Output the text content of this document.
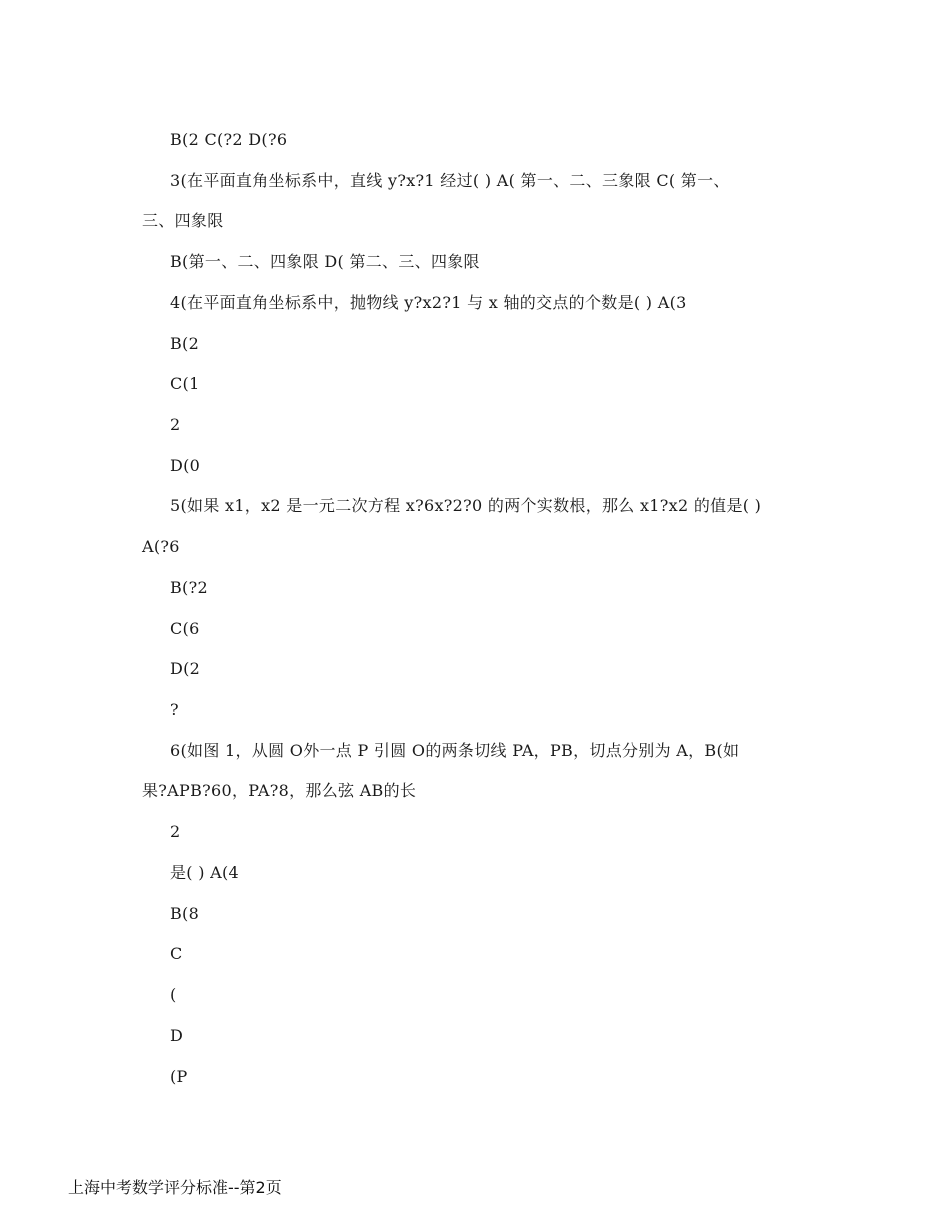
B(2 C(?2 D(?6
3(在平面直角坐标系中，直线 y?x?1 经过( ) A( 第一、二、三象限 C( 第一、
三、四象限
B(第一、二、四象限 D( 第二、三、四象限
4(在平面直角坐标系中，抛物线 y?x2?1 与 x 轴的交点的个数是( ) A(3
B(2
C(1
2
D(0
5(如果 x1，x2 是一元二次方程 x?6x?2?0 的两个实数根，那么 x1?x2 的值是( )
A(?6
B(?2
C(6
D(2
?
6(如图 1，从圆 O外一点 P 引圆 O的两条切线 PA，PB，切点分别为 A，B(如
果?APB?60，PA?8，那么弦 AB的长
2
是( ) A(4
B(8
C
(
D
(P
上海中考数学评分标准--第2页
